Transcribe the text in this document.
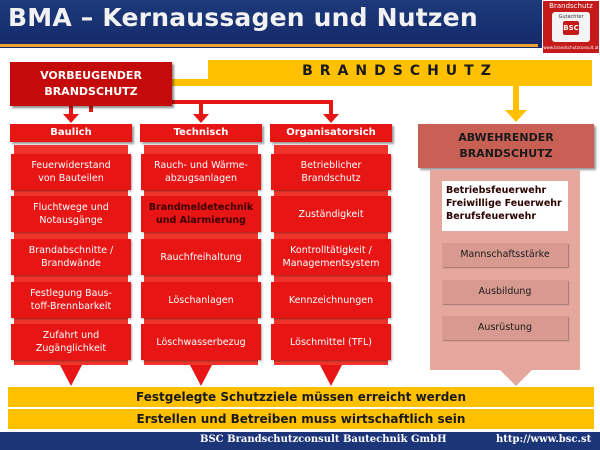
BMA – Kernaussagen und Nutzen	Brandschutz
Gutachter
BSC
www.brandschutzconsult.at
VORBEUGENDER
BRANDSCHUTZ
BRANDSCHUTZ
Baulich
Feuerwiderstand
von Bauteilen
Fluchtwege und
Notausgänge
Brandabschnitte /
Brandwände
Festlegung Baus-
toff-Brennbarkeit
Zufahrt und
Zugänglichkeit
Technisch
Rauch- und Wärme-
abzugsanlagen
Brandmeldetechnik
und Alarmierung
Rauchfreihaltung
Löschanlagen
Löschwasserbezug
Organisatorsich
Betrieblicher
Brandschutz
Zuständigkeit
Kontrolltätigkeit /
Managementsystem
Kennzeichnungen
Löschmittel (TFL)
ABWEHRENDER
BRANDSCHUTZ
Betriebsfeuerwehr
Freiwillige Feuerwehr
Berufsfeuerwehr
Mannschaftsstärke
Ausbildung
Ausrüstung
Festgelegte Schutzziele müssen erreicht werden
Erstellen und Betreiben muss wirtschaftlich sein
BSC Brandschutzconsult Bautechnik GmbH	http://www.bsc.st
